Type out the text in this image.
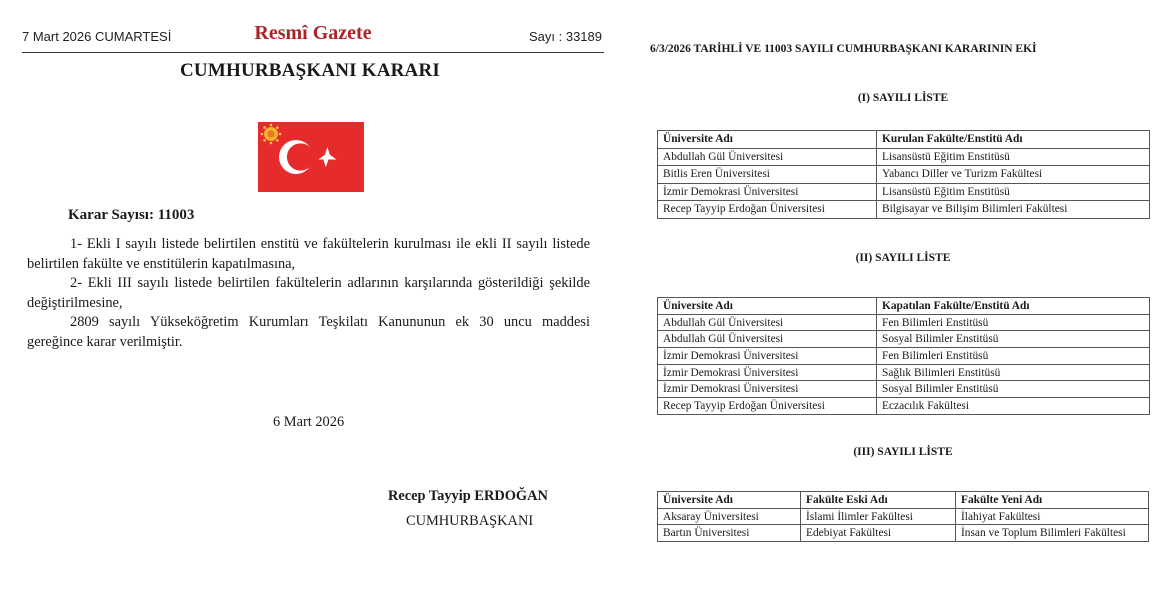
7 Mart 2026 CUMARTESİ	Resmî Gazete	Sayı : 33189
CUMHURBAŞKANI KARARI
Karar Sayısı: 11003

1- Ekli I sayılı listede belirtilen enstitü ve fakültelerin kurulması ile ekli II sayılı listede belirtilen fakülte ve enstitülerin kapatılmasına,

2- Ekli III sayılı listede belirtilen fakültelerin adlarının karşılarında gösterildiği şekilde değiştirilmesine,

2809 sayılı Yükseköğretim Kurumları Teşkilatı Kanununun ek 30 uncu maddesi gereğince karar verilmiştir.

6 Mart 2026
Recep Tayyip ERDOĞAN
CUMHURBAŞKANI
6/3/2026 TARİHLİ VE 11003 SAYILI CUMHURBAŞKANI KARARININ EKİ
(I) SAYILI LİSTE
Üniversite Adı	Kurulan Fakülte/Enstitü Adı
Abdullah Gül Üniversitesi	Lisansüstü Eğitim Enstitüsü
Bitlis Eren Üniversitesi	Yabancı Diller ve Turizm Fakültesi
İzmir Demokrasi Üniversitesi	Lisansüstü Eğitim Enstitüsü
Recep Tayyip Erdoğan Üniversitesi	Bilgisayar ve Bilişim Bilimleri Fakültesi
(II) SAYILI LİSTE
Üniversite Adı	Kapatılan Fakülte/Enstitü Adı
Abdullah Gül Üniversitesi	Fen Bilimleri Enstitüsü
Abdullah Gül Üniversitesi	Sosyal Bilimler Enstitüsü
İzmir Demokrasi Üniversitesi	Fen Bilimleri Enstitüsü
İzmir Demokrasi Üniversitesi	Sağlık Bilimleri Enstitüsü
İzmir Demokrasi Üniversitesi	Sosyal Bilimler Enstitüsü
Recep Tayyip Erdoğan Üniversitesi	Eczacılık Fakültesi
(III) SAYILI LİSTE
Üniversite Adı	Fakülte Eski Adı	Fakülte Yeni Adı
Aksaray Üniversitesi	İslami İlimler Fakültesi	İlahiyat Fakültesi
Bartın Üniversitesi	Edebiyat Fakültesi	İnsan ve Toplum Bilimleri Fakültesi
